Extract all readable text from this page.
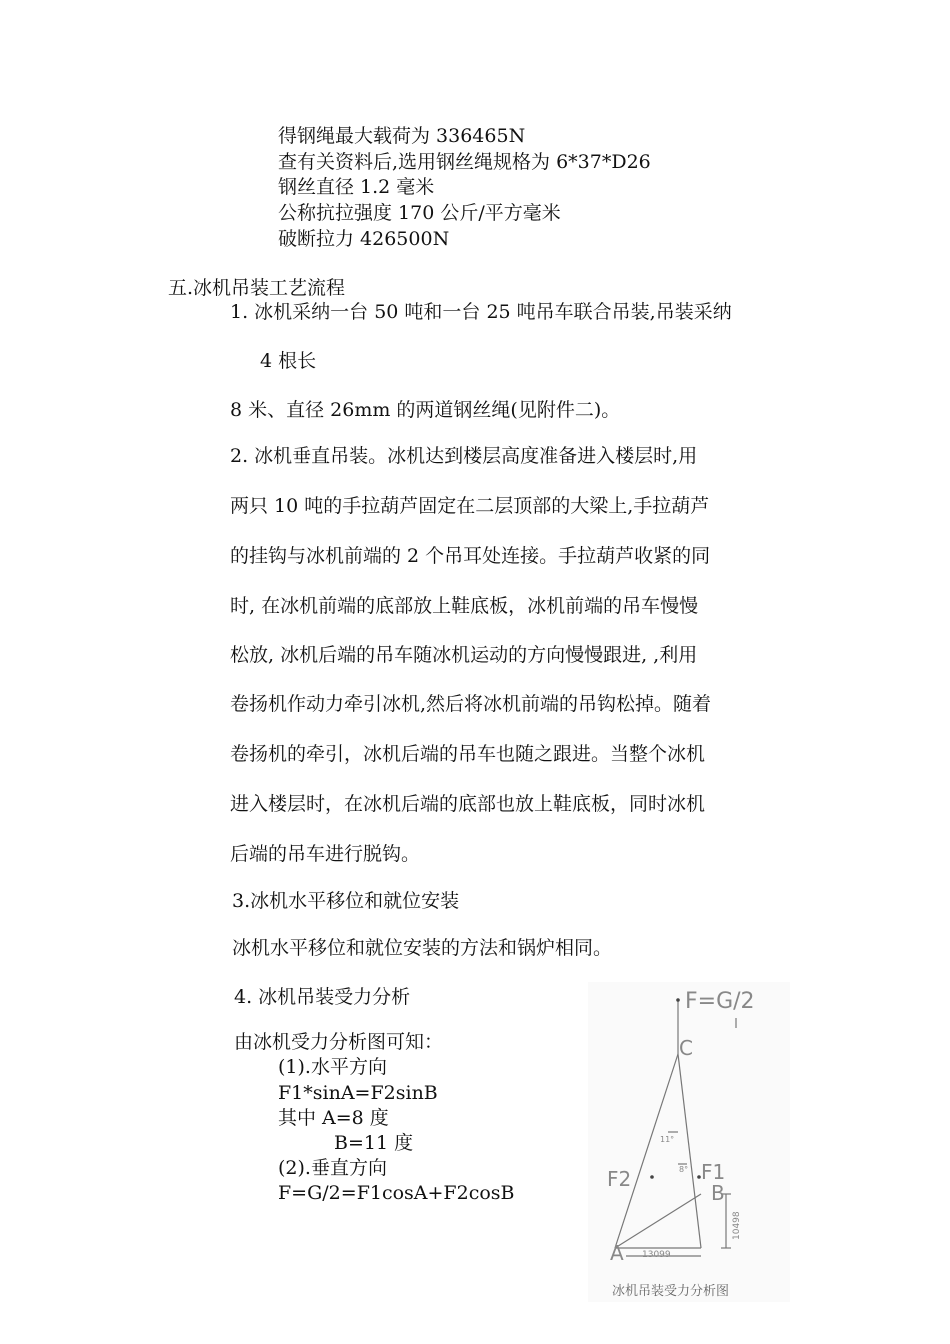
得钢绳最大载荷为 336465N
查有关资料后,选用钢丝绳规格为 6*37*D26
钢丝直径 1.2 毫米
公称抗拉强度 170 公斤/平方毫米
破断拉力 426500N
五.冰机吊装工艺流程
1. 冰机采纳一台 50 吨和一台 25 吨吊车联合吊装,吊装采纳
4 根长
8 米、直径 26mm 的两道钢丝绳(见附件二)。
2. 冰机垂直吊装。冰机达到楼层高度准备进入楼层时,用
两只 10 吨的手拉葫芦固定在二层顶部的大梁上,手拉葫芦
的挂钩与冰机前端的 2 个吊耳处连接。手拉葫芦收紧的同
时, 在冰机前端的底部放上鞋底板，冰机前端的吊车慢慢
松放, 冰机后端的吊车随冰机运动的方向慢慢跟进, ,利用
卷扬机作动力牵引冰机,然后将冰机前端的吊钩松掉。随着
卷扬机的牵引，冰机后端的吊车也随之跟进。当整个冰机
进入楼层时，在冰机后端的底部也放上鞋底板，同时冰机
后端的吊车进行脱钩。
3.冰机水平移位和就位安装
冰机水平移位和就位安装的方法和锅炉相同。
4. 冰机吊装受力分析
由冰机受力分析图可知：
(1).水平方向
F1*sinA=F2sinB
其中 A=8 度
B=11 度
(2).垂直方向
F=G/2=F1cosA+F2cosB
F=G/2
C
F2	F1
B
A
11°
8°
13099
10498
冰机吊装受力分析图
